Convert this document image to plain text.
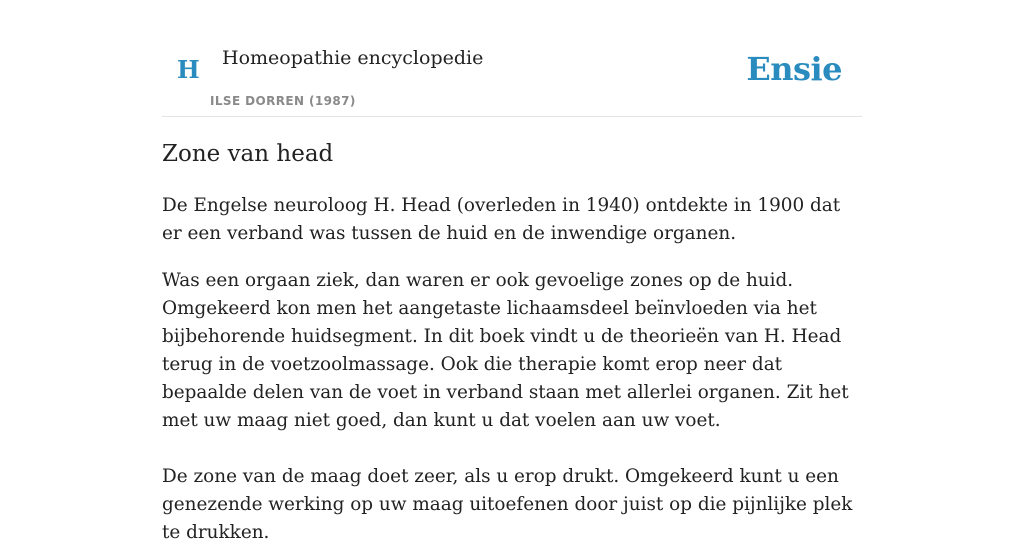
H Homeopathie encyclopedie
ILSE DORREN (1987)
Ensie
Zone van head

De Engelse neuroloog H. Head (overleden in 1940) ontdekte in 1900 dat er een verband was tussen de huid en de inwendige organen.

Was een orgaan ziek, dan waren er ook gevoelige zones op de huid. Omgekeerd kon men het aangetaste lichaamsdeel beïnvloeden via het bijbehorende huidsegment. In dit boek vindt u de theorieën van H. Head terug in de voetzoolmassage. Ook die therapie komt erop neer dat bepaalde delen van de voet in verband staan met allerlei organen. Zit het met uw maag niet goed, dan kunt u dat voelen aan uw voet.

De zone van de maag doet zeer, als u erop drukt. Omgekeerd kunt u een genezende werking op uw maag uitoefenen door juist op die pijnlijke plek te drukken.
